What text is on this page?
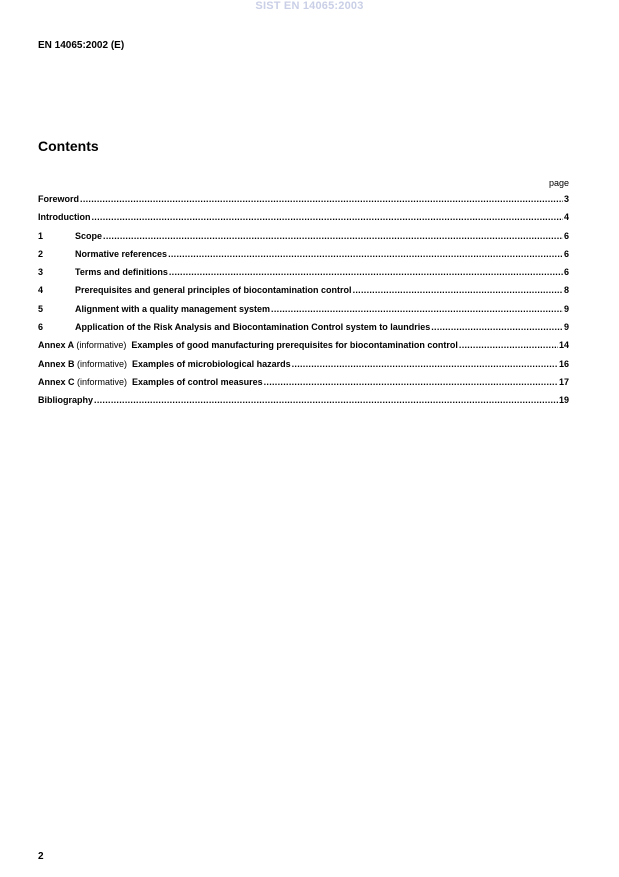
SIST EN 14065:2003
EN 14065:2002 (E)
Contents
page
Foreword .....	3
Introduction .....	4
1	Scope .....	6
2	Normative references .....	6
3	Terms and definitions .....	6
4	Prerequisites and general principles of biocontamination control .....	8
5	Alignment with a quality management system .....	9
6	Application of the Risk Analysis and Biocontamination Control system to laundries .....	9
Annex A (informative) Examples of good manufacturing prerequisites for biocontamination control .....	14
Annex B (informative) Examples of microbiological hazards .....	16
Annex C (informative) Examples of control measures .....	17
Bibliography .....	19
2
